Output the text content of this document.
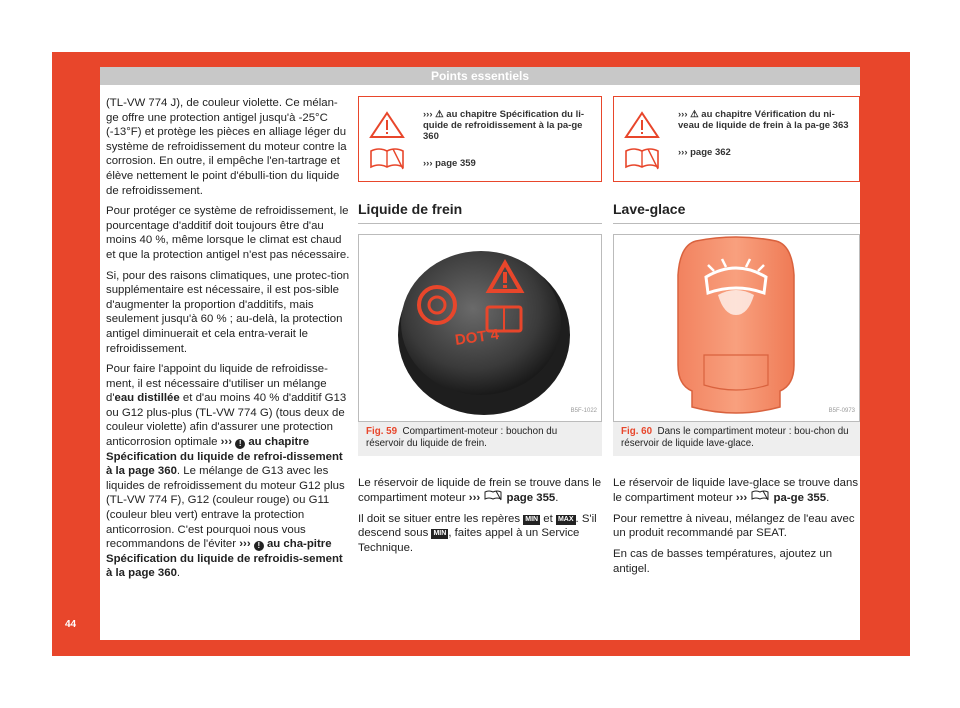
Points essentiels
44

(TL-VW 774 J), de couleur violette. Ce mélan-ge offre une protection antigel jusqu'à -25°C (-13°F) et protège les pièces en alliage léger du système de refroidissement du moteur contre la corrosion. En outre, il empêche l'en-tartrage et élève nettement le point d'ébulli-tion du liquide de refroidissement.

Pour protéger ce système de refroidissement, le pourcentage d'additif doit toujours être d'au moins 40 %, même lorsque le climat est chaud et que la protection antigel n'est pas nécessaire.

Si, pour des raisons climatiques, une protec-tion supplémentaire est nécessaire, il est pos-sible d'augmenter la proportion d'additifs, mais seulement jusqu'à 60 % ; au-delà, la protection antigel diminuerait et cela entra-verait le refroidissement.

Pour faire l'appoint du liquide de refroidisse-ment, il est nécessaire d'utiliser un mélange d'eau distillée et d'au moins 40 % d'additif G13 ou G12 plus-plus (TL-VW 774 G) (tous deux de couleur violette) afin d'assurer une protection anticorrosion optimale ››› ! au chapitre Spécification du liquide de refroi-dissement à la page 360. Le mélange de G13 avec les liquides de refroidissement du moteur G12 plus (TL-VW 774 F), G12 (couleur rouge) ou G11 (couleur bleu vert) entrave la protection anticorrosion. C'est pourquoi nous vous recommandons de l'éviter ››› ! au cha-pitre Spécification du liquide de refroidis-sement à la page 360.

››› ⚠ au chapitre Spécification du li-quide de refroidissement à la pa-ge 360
››› page 359
Liquide de frein
DOT 4
B5F-1022
Fig. 59 Compartiment-moteur : bouchon du réservoir du liquide de frein.

Le réservoir de liquide de frein se trouve dans le compartiment moteur ›››  page 355.

Il doit se situer entre les repères MIN et MAX . S'il descend sous MIN , faites appel à un Service Technique.

››› ⚠ au chapitre Vérification du ni-veau de liquide de frein à la pa-ge 363
››› page 362
Lave-glace
B5F-0973
Fig. 60 Dans le compartiment moteur : bou-chon du réservoir de liquide lave-glace.

Le réservoir de liquide lave-glace se trouve dans le compartiment moteur ›››  pa-ge 355.

Pour remettre à niveau, mélangez de l'eau avec un produit recommandé par SEAT.

En cas de basses températures, ajoutez un antigel.
